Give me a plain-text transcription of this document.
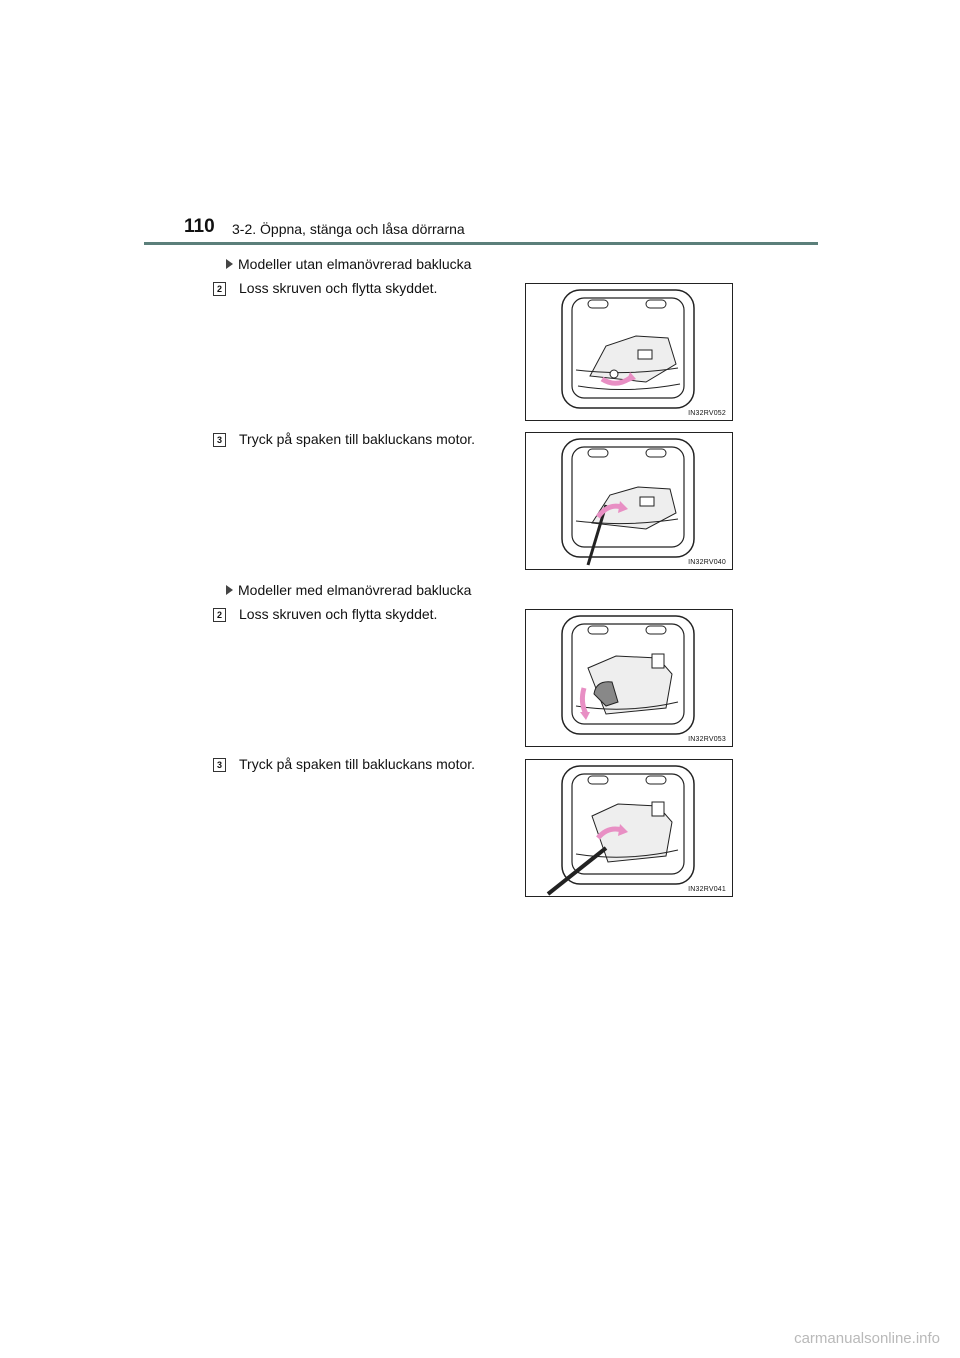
110 3-2. Öppna, stänga och låsa dörrarna
Modeller utan elmanövrerad baklucka
2 Loss skruven och flytta skyddet.
IN32RV052
3 Tryck på spaken till bakluckans motor.
IN32RV040
Modeller med elmanövrerad baklucka
2 Loss skruven och flytta skyddet.
IN32RV053
3 Tryck på spaken till bakluckans motor.
IN32RV041
carmanualsonline.info
